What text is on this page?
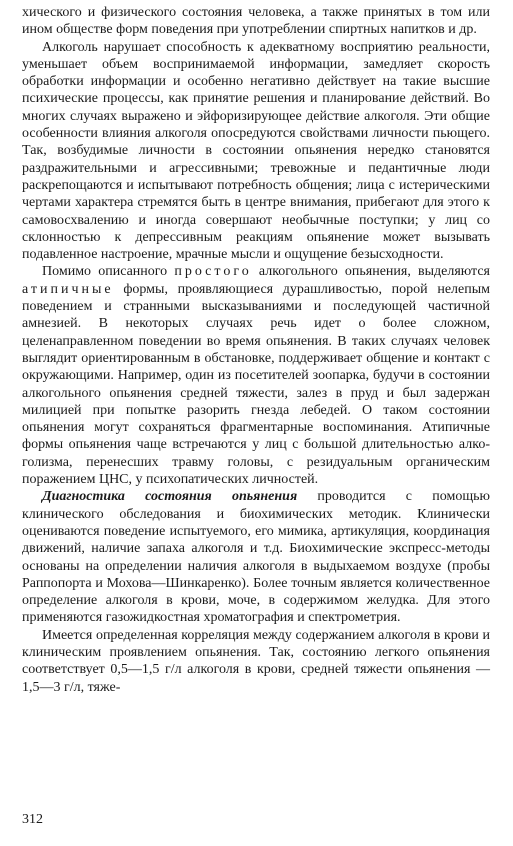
хического и физического состояния человека, а также принятых в том или ином обществе форм поведения при употреблении спиртных напитков и др.

Алкоголь нарушает способность к адекватному восприятию реальности, уменьшает объем воспринимаемой информации, замедляет скорость обработки информации и особенно негативно действует на такие высшие психические процессы, как принятие решения и планирование действий. Во многих случаях выражено и эйфоризирующее действие алкоголя. Эти общие особенности влияния алкоголя опосредуются свойствами личности пьющего. Так, возбудимые личности в состоянии опьянения нередко становятся раздражительными и агрессивными; тревожные и педантичные люди раскрепощаются и испытывают потребность общения; лица с истерическими чертами характера стремятся быть в центре внимания, прибегают для этого к самовосхвалению и иногда совершают необычные поступки; у лиц со склонностью к депрессивным реакциям опьянение может вызывать подавленное настроение, мрачные мысли и ощущение безысходности.

Помимо описанного простого алкогольного опьянения, выделяются атипичные формы, проявляющиеся дурашливостью, порой нелепым поведением и странными высказываниями и последующей частичной амнезией. В некоторых случаях речь идет о более сложном, целенаправленном поведении во время опьянения. В таких случаях человек выглядит ориентированным в обстановке, поддерживает общение и контакт с окружающими. Например, один из посетителей зоопарка, будучи в состоянии алкогольного опьянения средней тяжести, залез в пруд и был задержан милицией при попытке разорить гнезда лебедей. О таком состоянии опьянения могут сохраняться фрагментарные воспоминания. Атипичные формы опьянения чаще встречаются у лиц с большой длительностью алкоголизма, перенесших травму головы, с резидуальным органическим поражением ЦНС, у психопатических личностей.

Диагностика состояния опьянения проводится с помощью клинического обследования и биохимических методик. Клинически оцениваются поведение испытуемого, его мимика, артикуляция, координация движений, наличие запаха алкоголя и т.д. Биохимические экспресс-методы основаны на определении наличия алкоголя в выдыхаемом воздухе (пробы Раппопорта и Мохова—Шинкаренко). Более точным является количественное определение алкоголя в крови, моче, в содержимом желудка. Для этого применяются газожидкостная хроматография и спектрометрия.

Имеется определенная корреляция между содержанием алкоголя в крови и клиническим проявлением опьянения. Так, состоянию легкого опьянения соответствует 0,5—1,5 г/л алкоголя в крови, средней тяжести опьянения — 1,5—3 г/л, тяже-

312
